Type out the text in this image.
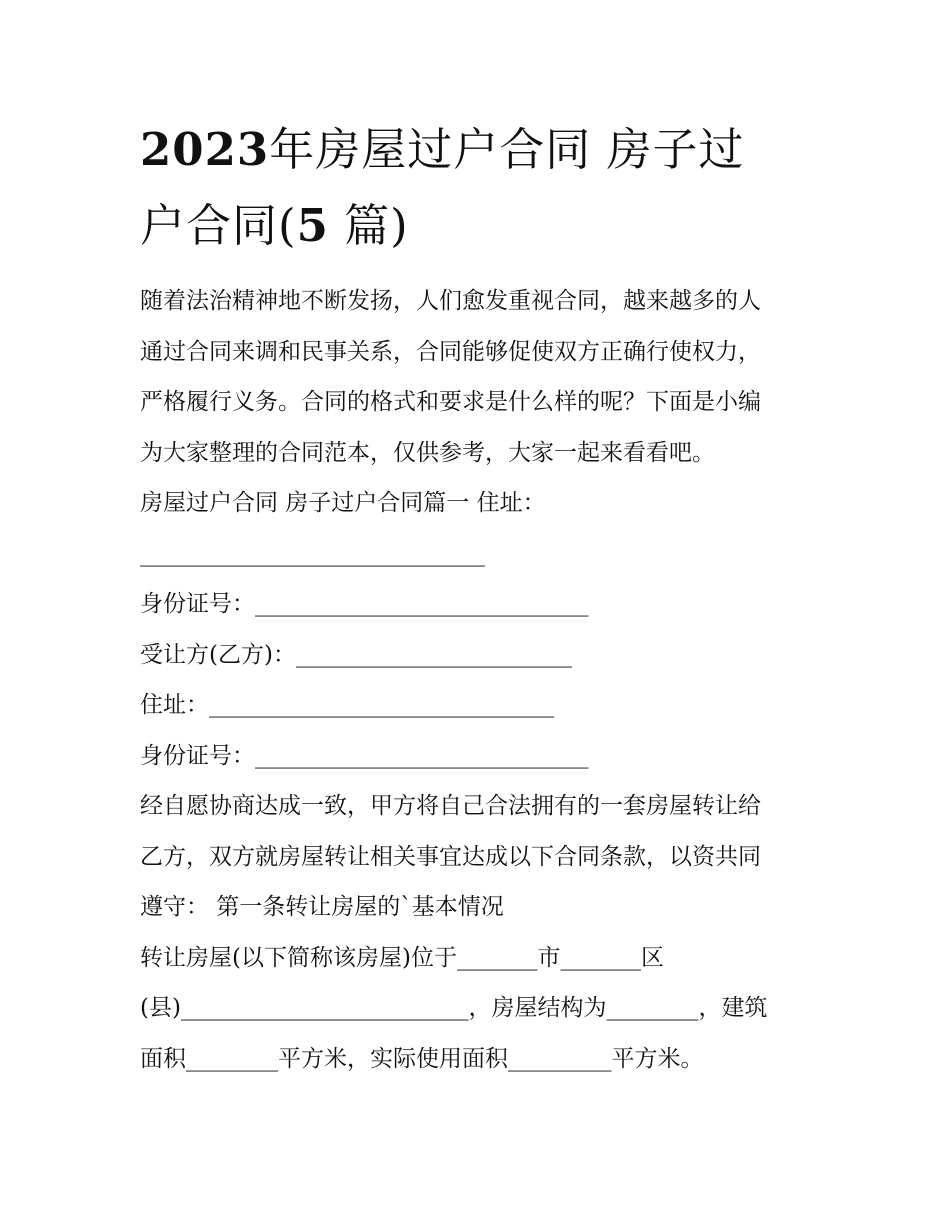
2023年房屋过户合同 房子过
户合同(5 篇)
随着法治精神地不断发扬，人们愈发重视合同，越来越多的人
通过合同来调和民事关系，合同能够促使双方正确行使权力，
严格履行义务。合同的格式和要求是什么样的呢？下面是小编
为大家整理的合同范本，仅供参考，大家一起来看看吧。
房屋过户合同 房子过户合同篇一 住址：
______________________________
身份证号：_____________________________
受让方(乙方)：________________________
住址：______________________________
身份证号：_____________________________
经自愿协商达成一致，甲方将自己合法拥有的一套房屋转让给
乙方，双方就房屋转让相关事宜达成以下合同条款，以资共同
遵守： 第一条转让房屋的`基本情况
转让房屋(以下简称该房屋)位于_______市_______区
(县)_________________________，房屋结构为________，建筑
面积________平方米，实际使用面积_________平方米。
